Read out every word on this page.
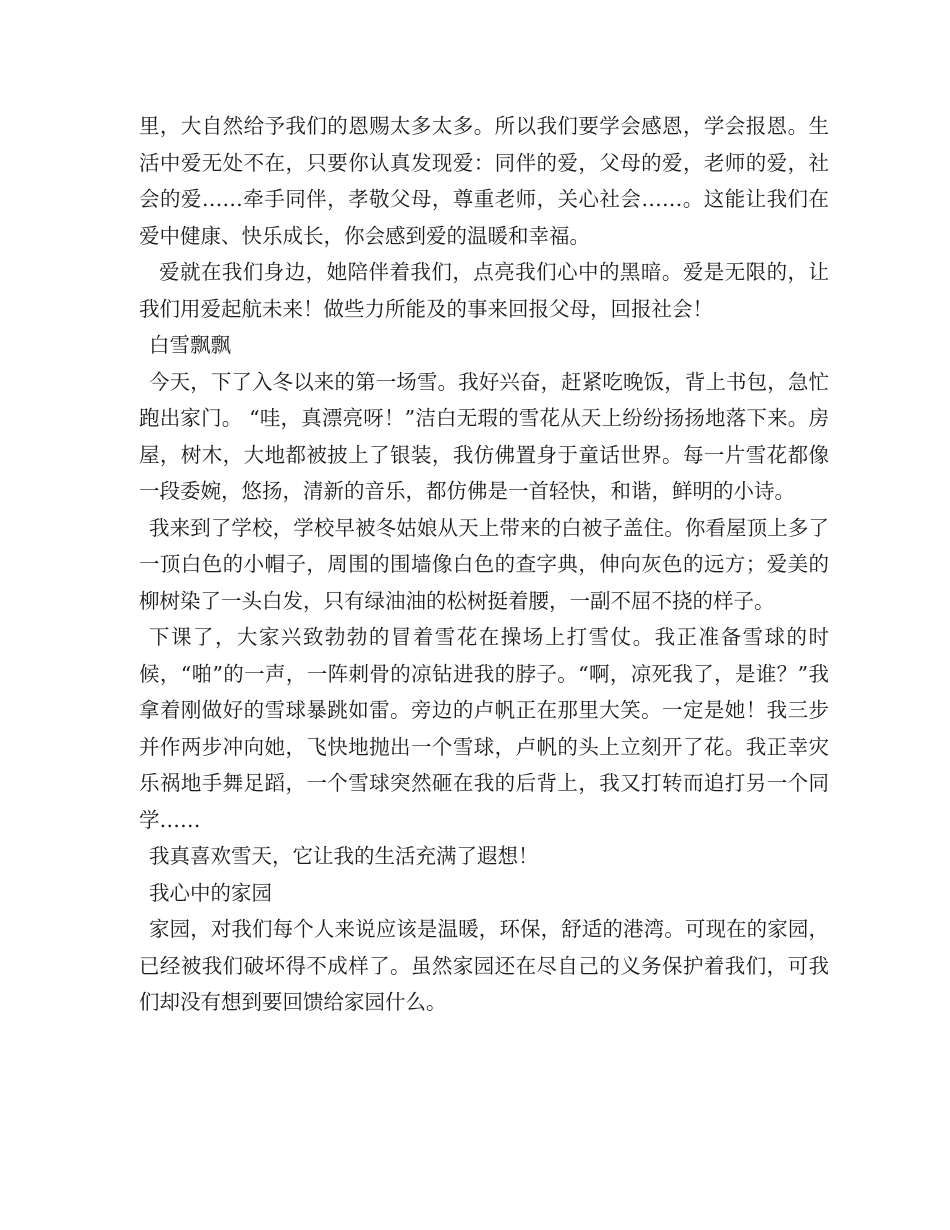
里，大自然给予我们的恩赐太多太多。所以我们要学会感恩，学会报恩。生活中爱无处不在，只要你认真发现爱：同伴的爱，父母的爱，老师的爱，社会的爱……牵手同伴，孝敬父母，尊重老师，关心社会……。这能让我们在爱中健康、快乐成长，你会感到爱的温暖和幸福。

爱就在我们身边，她陪伴着我们，点亮我们心中的黑暗。爱是无限的，让我们用爱起航未来！做些力所能及的事来回报父母，回报社会！

白雪飘飘

今天，下了入冬以来的第一场雪。我好兴奋，赶紧吃晚饭，背上书包，急忙跑出家门。 “哇，真漂亮呀！”洁白无瑕的雪花从天上纷纷扬扬地落下来。房屋，树木，大地都被披上了银装，我仿佛置身于童话世界。每一片雪花都像一段委婉，悠扬，清新的音乐，都仿佛是一首轻快，和谐，鲜明的小诗。

我来到了学校，学校早被冬姑娘从天上带来的白被子盖住。你看屋顶上多了一顶白色的小帽子，周围的围墙像白色的查字典，伸向灰色的远方；爱美的柳树染了一头白发，只有绿油油的松树挺着腰，一副不屈不挠的样子。

下课了，大家兴致勃勃的冒着雪花在操场上打雪仗。我正准备雪球的时候，“啪”的一声，一阵刺骨的凉钻进我的脖子。“啊，凉死我了，是谁？”我拿着刚做好的雪球暴跳如雷。旁边的卢帆正在那里大笑。一定是她！我三步并作两步冲向她，飞快地抛出一个雪球，卢帆的头上立刻开了花。我正幸灾乐祸地手舞足蹈，一个雪球突然砸在我的后背上，我又打转而追打另一个同学……

我真喜欢雪天，它让我的生活充满了遐想！

我心中的家园

家园，对我们每个人来说应该是温暖，环保，舒适的港湾。可现在的家园，已经被我们破坏得不成样了。虽然家园还在尽自己的义务保护着我们，可我们却没有想到要回馈给家园什么。
